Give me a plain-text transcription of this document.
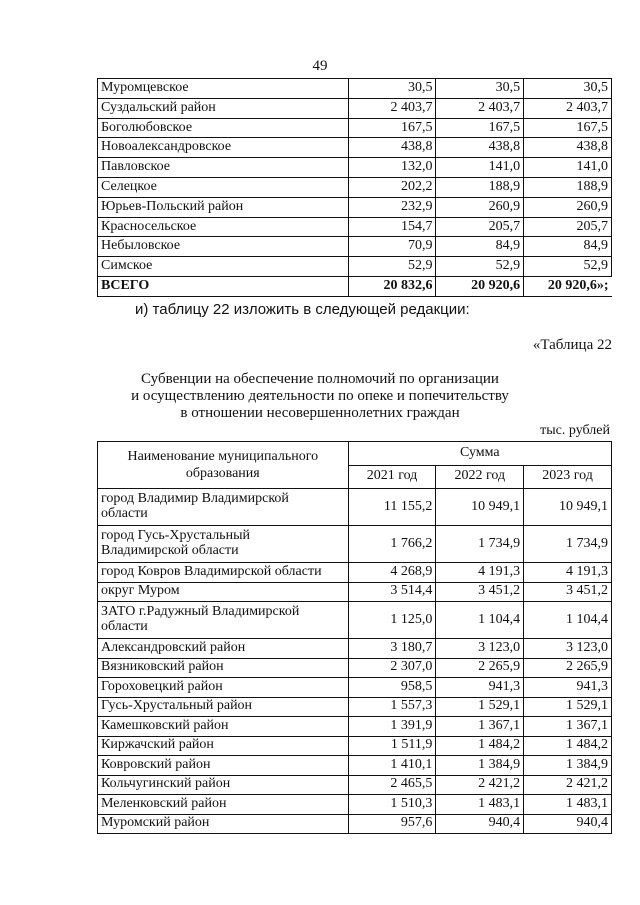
49
Муромцевское	30,5	30,5	30,5
Суздальский район	2 403,7	2 403,7	2 403,7
Боголюбовское	167,5	167,5	167,5
Новоалександровское	438,8	438,8	438,8
Павловское	132,0	141,0	141,0
Селецкое	202,2	188,9	188,9
Юрьев-Польский район	232,9	260,9	260,9
Красносельское	154,7	205,7	205,7
Небыловское	70,9	84,9	84,9
Симское	52,9	52,9	52,9
ВСЕГО	20 832,6	20 920,6	20 920,6»;
и) таблицу 22 изложить в следующей редакции:
«Таблица 22
Субвенции на обеспечение полномочий по организации
и осуществлению деятельности по опеке и попечительству
в отношении несовершеннолетних граждан
тыс. рублей
Наименование муниципального
образования	Сумма		
	2021 год	2022 год	2023 год
город Владимир Владимирской
области	11 155,2	10 949,1	10 949,1
город Гусь-Хрустальный
Владимирской области	1 766,2	1 734,9	1 734,9
город Ковров Владимирской области	4 268,9	4 191,3	4 191,3
округ Муром	3 514,4	3 451,2	3 451,2
ЗАТО г.Радужный Владимирской
области	1 125,0	1 104,4	1 104,4
Александровский район	3 180,7	3 123,0	3 123,0
Вязниковский район	2 307,0	2 265,9	2 265,9
Гороховецкий район	958,5	941,3	941,3
Гусь-Хрустальный район	1 557,3	1 529,1	1 529,1
Камешковский район	1 391,9	1 367,1	1 367,1
Киржачский район	1 511,9	1 484,2	1 484,2
Ковровский район	1 410,1	1 384,9	1 384,9
Кольчугинский район	2 465,5	2 421,2	2 421,2
Меленковский район	1 510,3	1 483,1	1 483,1
Муромский район	957,6	940,4	940,4
